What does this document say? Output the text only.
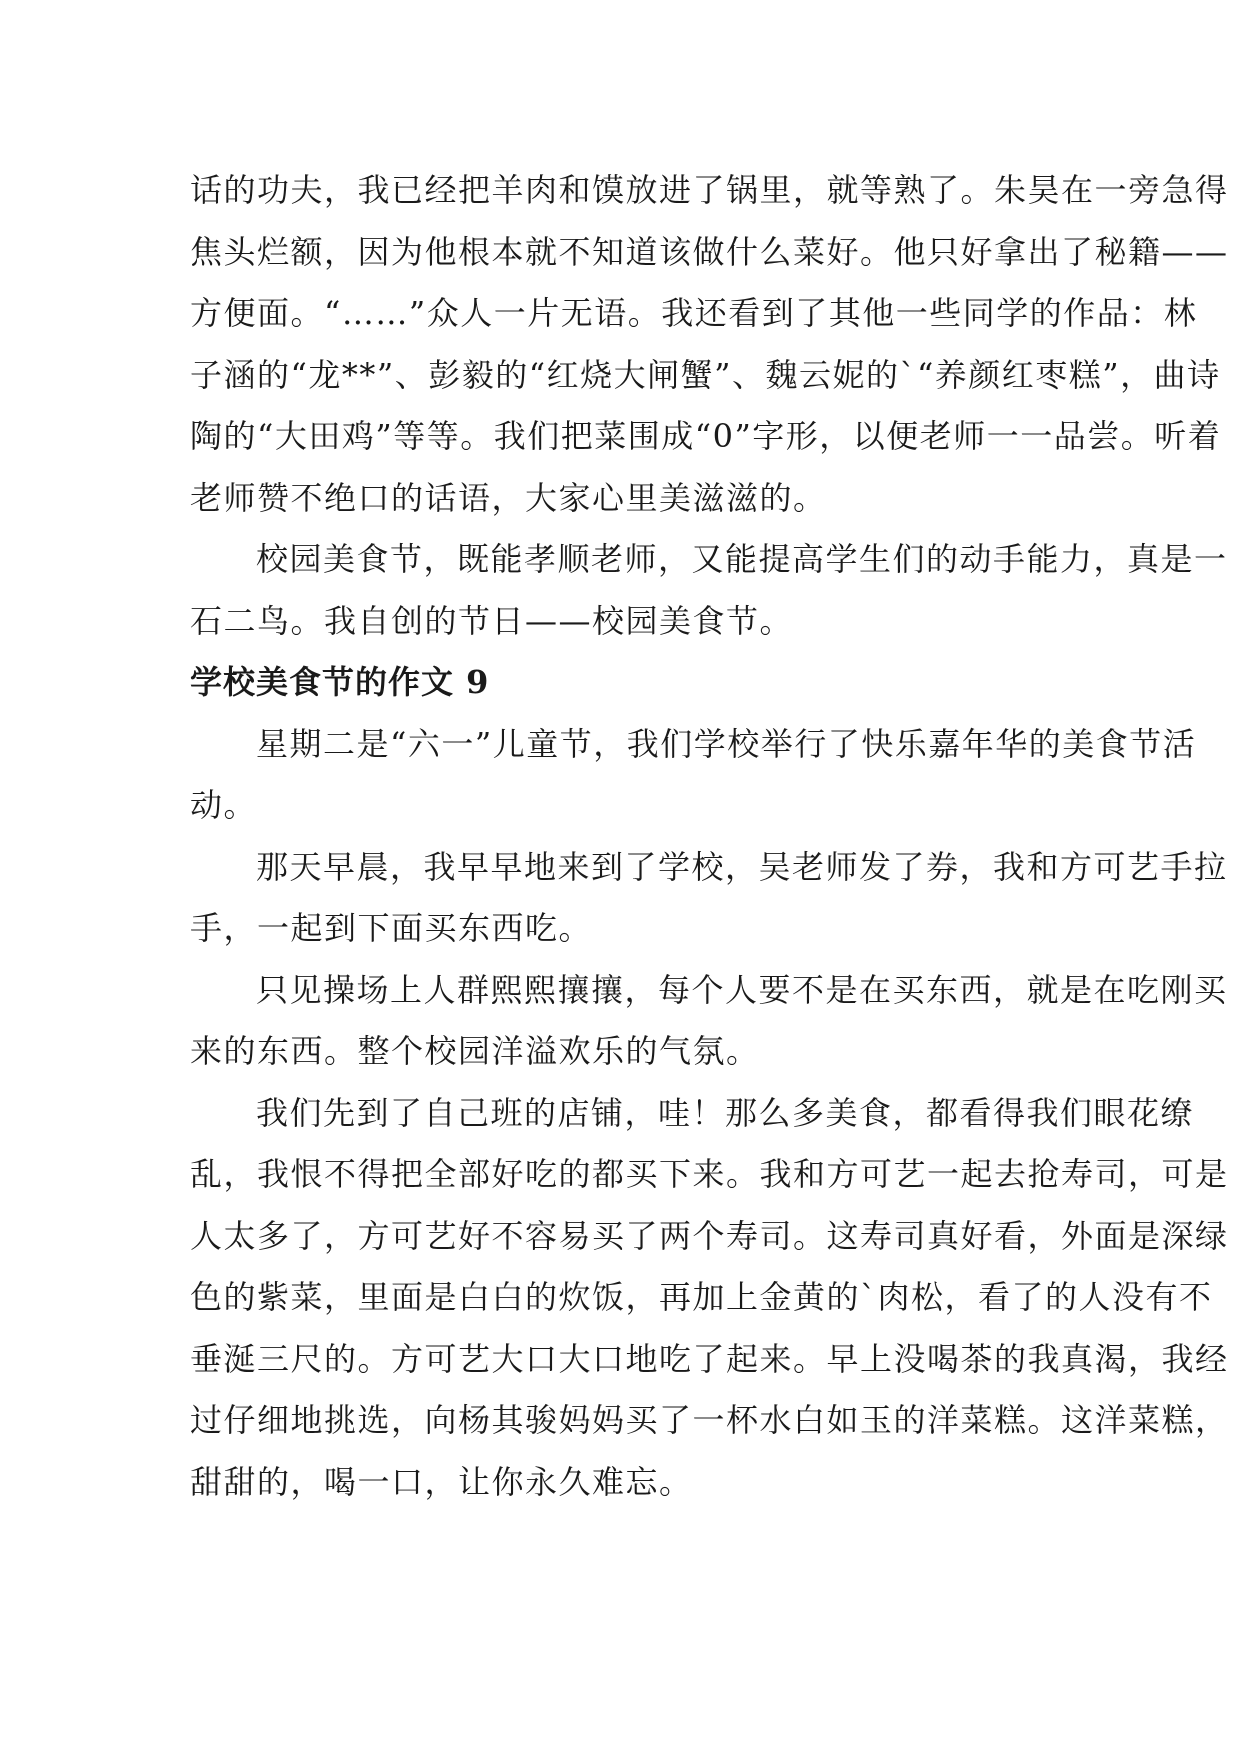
话的功夫，我已经把羊肉和馍放进了锅里，就等熟了。朱昊在一旁急得焦头烂额，因为他根本就不知道该做什么菜好。他只好拿出了秘籍——方便面。“……”众人一片无语。我还看到了其他一些同学的作品：林子涵的“龙**”、彭毅的“红烧大闸蟹”、魏云妮的`“养颜红枣糕”，曲诗陶的“大田鸡”等等。我们把菜围成“0”字形，以便老师一一品尝。听着老师赞不绝口的话语，大家心里美滋滋的。

校园美食节，既能孝顺老师，又能提高学生们的动手能力，真是一石二鸟。我自创的节日——校园美食节。

学校美食节的作文 9

星期二是“六一”儿童节，我们学校举行了快乐嘉年华的美食节活动。

那天早晨，我早早地来到了学校，吴老师发了券，我和方可艺手拉手，一起到下面买东西吃。

只见操场上人群熙熙攘攘，每个人要不是在买东西，就是在吃刚买来的东西。整个校园洋溢欢乐的气氛。

我们先到了自己班的店铺，哇！那么多美食，都看得我们眼花缭乱，我恨不得把全部好吃的都买下来。我和方可艺一起去抢寿司，可是人太多了，方可艺好不容易买了两个寿司。这寿司真好看，外面是深绿色的紫菜，里面是白白的炊饭，再加上金黄的`肉松，看了的人没有不垂涎三尺的。方可艺大口大口地吃了起来。早上没喝茶的我真渴，我经过仔细地挑选，向杨其骏妈妈买了一杯水白如玉的洋菜糕。这洋菜糕，甜甜的，喝一口，让你永久难忘。
